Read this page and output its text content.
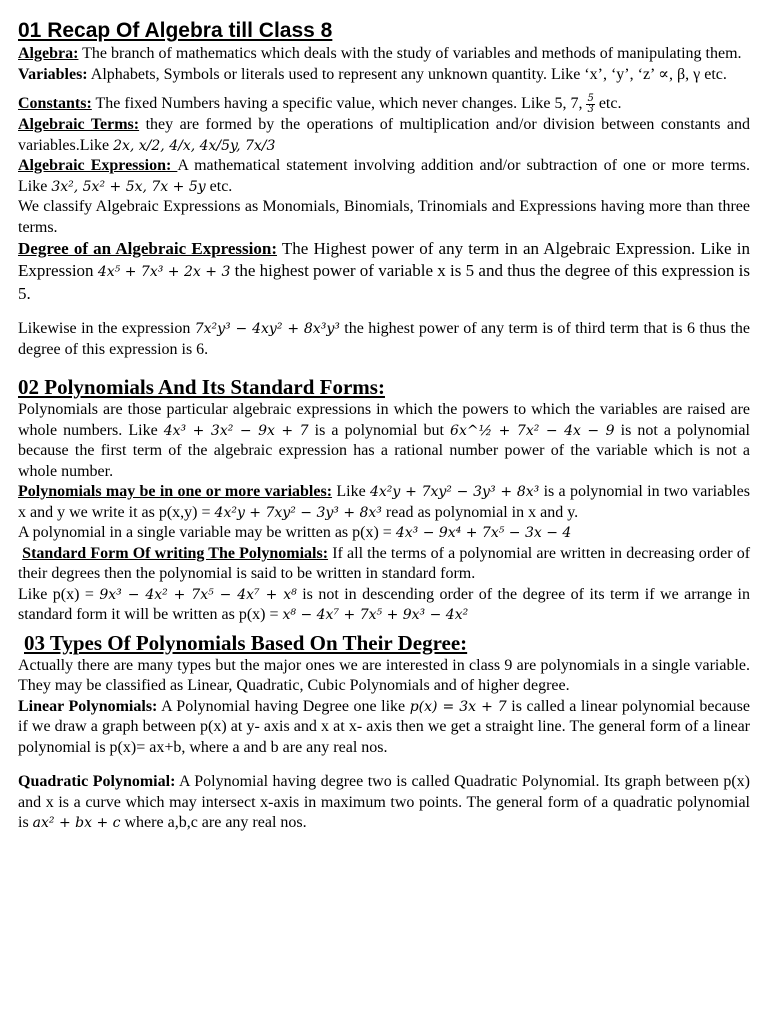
01 Recap Of Algebra till Class 8

Algebra: The branch of mathematics which deals with the study of variables and methods of manipulating them.

Variables: Alphabets, Symbols or literals used to represent any unknown quantity. Like ‘x’, ‘y’, ‘z’ ∝, β, γ etc.

Constants: The fixed Numbers having a specific value, which never changes. Like 5, 7, $\frac{5}{3}$ etc.

Algebraic Terms: they are formed by the operations of multiplication and/or division between constants and variables.Like 2x, x/2, 4/x, 4x/5y, 7x/3

Algebraic Expression: A mathematical statement involving addition and/or subtraction of one or more terms. Like 3x², 5x² + 5x, 7x + 5y etc.

We classify Algebraic Expressions as Monomials, Binomials, Trinomials and Expressions having more than three terms.

Degree of an Algebraic Expression: The Highest power of any term in an Algebraic Expression. Like in Expression 4x⁵ + 7x³ + 2x + 3 the highest power of variable x is 5 and thus the degree of this expression is 5.

Likewise in the expression 7x²y³ − 4xy² + 8x³y³ the highest power of any term is of third term that is 6 thus the degree of this expression is 6.

02 Polynomials And Its Standard Forms:

Polynomials are those particular algebraic expressions in which the powers to which the variables are raised are whole numbers. Like 4x³ + 3x² − 9x + 7 is a polynomial but 6x^½ + 7x² − 4x − 9 is not a polynomial because the first term of the algebraic expression has a rational number power of the variable which is not a whole number.

Polynomials may be in one or more variables: Like 4x²y + 7xy² − 3y³ + 8x³ is a polynomial in two variables x and y we write it as p(x,y) = 4x²y + 7xy² − 3y³ + 8x³ read as polynomial in x and y.

A polynomial in a single variable may be written as p(x) = 4x³ − 9x⁴ + 7x⁵ − 3x − 4

Standard Form Of writing The Polynomials: If all the terms of a polynomial are written in decreasing order of their degrees then the polynomial is said to be written in standard form.

Like p(x) = 9x³ − 4x² + 7x⁵ − 4x⁷ + x⁸ is not in descending order of the degree of its term if we arrange in standard form it will be written as p(x) = x⁸ − 4x⁷ + 7x⁵ + 9x³ − 4x²

03 Types Of Polynomials Based On Their Degree:

Actually there are many types but the major ones we are interested in class 9 are polynomials in a single variable. They may be classified as Linear, Quadratic, Cubic Polynomials and of higher degree.

Linear Polynomials: A Polynomial having Degree one like p(x) = 3x + 7 is called a linear polynomial because if we draw a graph between p(x) at y- axis and x at x- axis then we get a straight line. The general form of a linear polynomial is p(x)= ax+b, where a and b are any real nos.

Quadratic Polynomial: A Polynomial having degree two is called Quadratic Polynomial. Its graph between p(x) and x is a curve which may intersect x-axis in maximum two points. The general form of a quadratic polynomial is ax² + bx + c where a,b,c are any real nos.
